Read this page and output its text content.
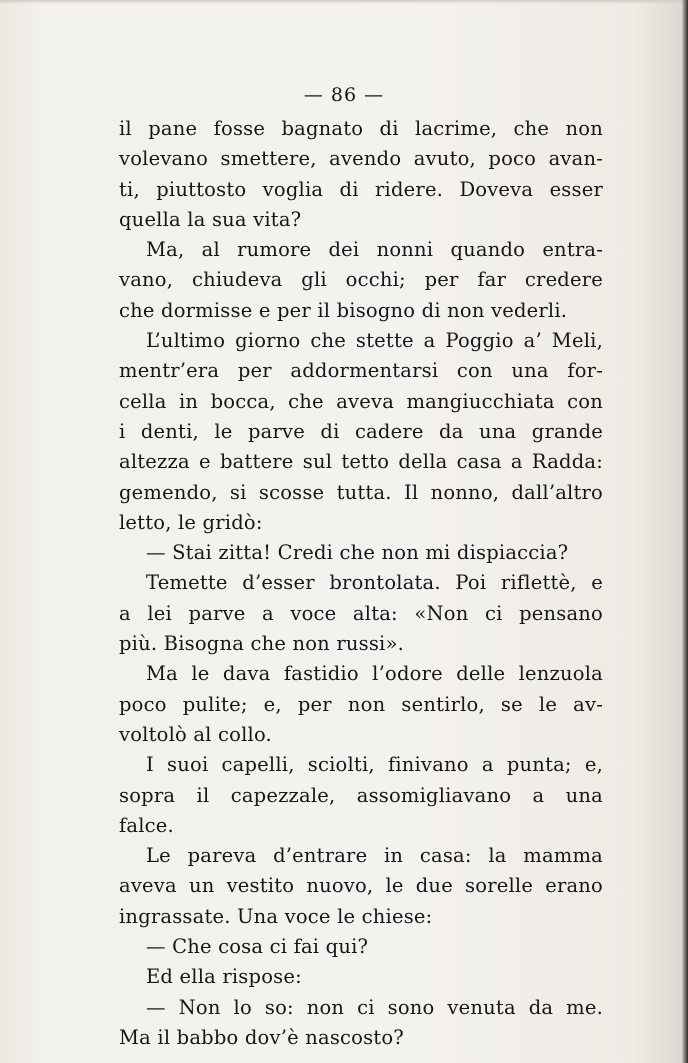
— 86 —
il pane fosse bagnato di lacrime, che non
volevano smettere, avendo avuto, poco avan-
ti, piuttosto voglia di ridere. Doveva esser
quella la sua vita?
Ma, al rumore dei nonni quando entra-
vano, chiudeva gli occhi; per far credere
che dormisse e per il bisogno di non vederli.
L’ultimo giorno che stette a Poggio a’ Meli,
mentr’era per addormentarsi con una for-
cella in bocca, che aveva mangiucchiata con
i denti, le parve di cadere da una grande
altezza e battere sul tetto della casa a Radda:
gemendo, si scosse tutta. Il nonno, dall’altro
letto, le gridò:
— Stai zitta! Credi che non mi dispiaccia?
Temette d’esser brontolata. Poi riflettè, e
a lei parve a voce alta: «Non ci pensano
più. Bisogna che non russi».
Ma le dava fastidio l’odore delle lenzuola
poco pulite; e, per non sentirlo, se le av-
voltolò al collo.
I suoi capelli, sciolti, finivano a punta; e,
sopra il capezzale, assomigliavano a una
falce.
Le pareva d’entrare in casa: la mamma
aveva un vestito nuovo, le due sorelle erano
ingrassate. Una voce le chiese:
— Che cosa ci fai qui?
Ed ella rispose:
— Non lo so: non ci sono venuta da me.
Ma il babbo dov’è nascosto?
